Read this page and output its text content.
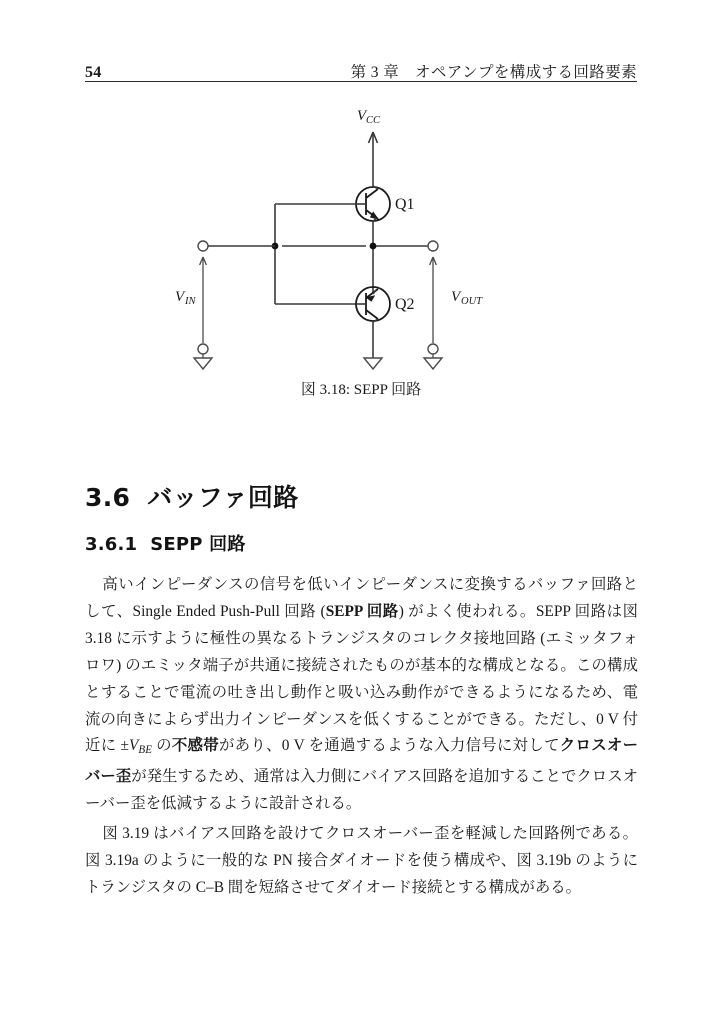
54	第 3 章　オペアンプを構成する回路要素
V CC
Q1
Q2
V IN	V OUT
図 3.18: SEPP 回路
3.6 バッファ回路
3.6.1 SEPP 回路

高いインピーダンスの信号を低いインピーダンスに変換するバッファ回路として、Single Ended Push-Pull 回路 (SEPP 回路) がよく使われる。SEPP 回路は図 3.18 に示すように極性の異なるトランジスタのコレクタ接地回路 (エミッタフォロワ) のエミッタ端子が共通に接続されたものが基本的な構成となる。この構成とすることで電流の吐き出し動作と吸い込み動作ができるようになるため、電流の向きによらず出力インピーダンスを低くすることができる。ただし、0 V 付近に $\pm V_{BE}$ の不感帯があり、0 V を通過するような入力信号に対してクロスオーバー歪が発生するため、通常は入力側にバイアス回路を追加することでクロスオーバー歪を低減するように設計される。

図 3.19 はバイアス回路を設けてクロスオーバー歪を軽減した回路例である。図 3.19a のように一般的な PN 接合ダイオードを使う構成や、図 3.19b のようにトランジスタの C–B 間を短絡させてダイオード接続とする構成がある。
